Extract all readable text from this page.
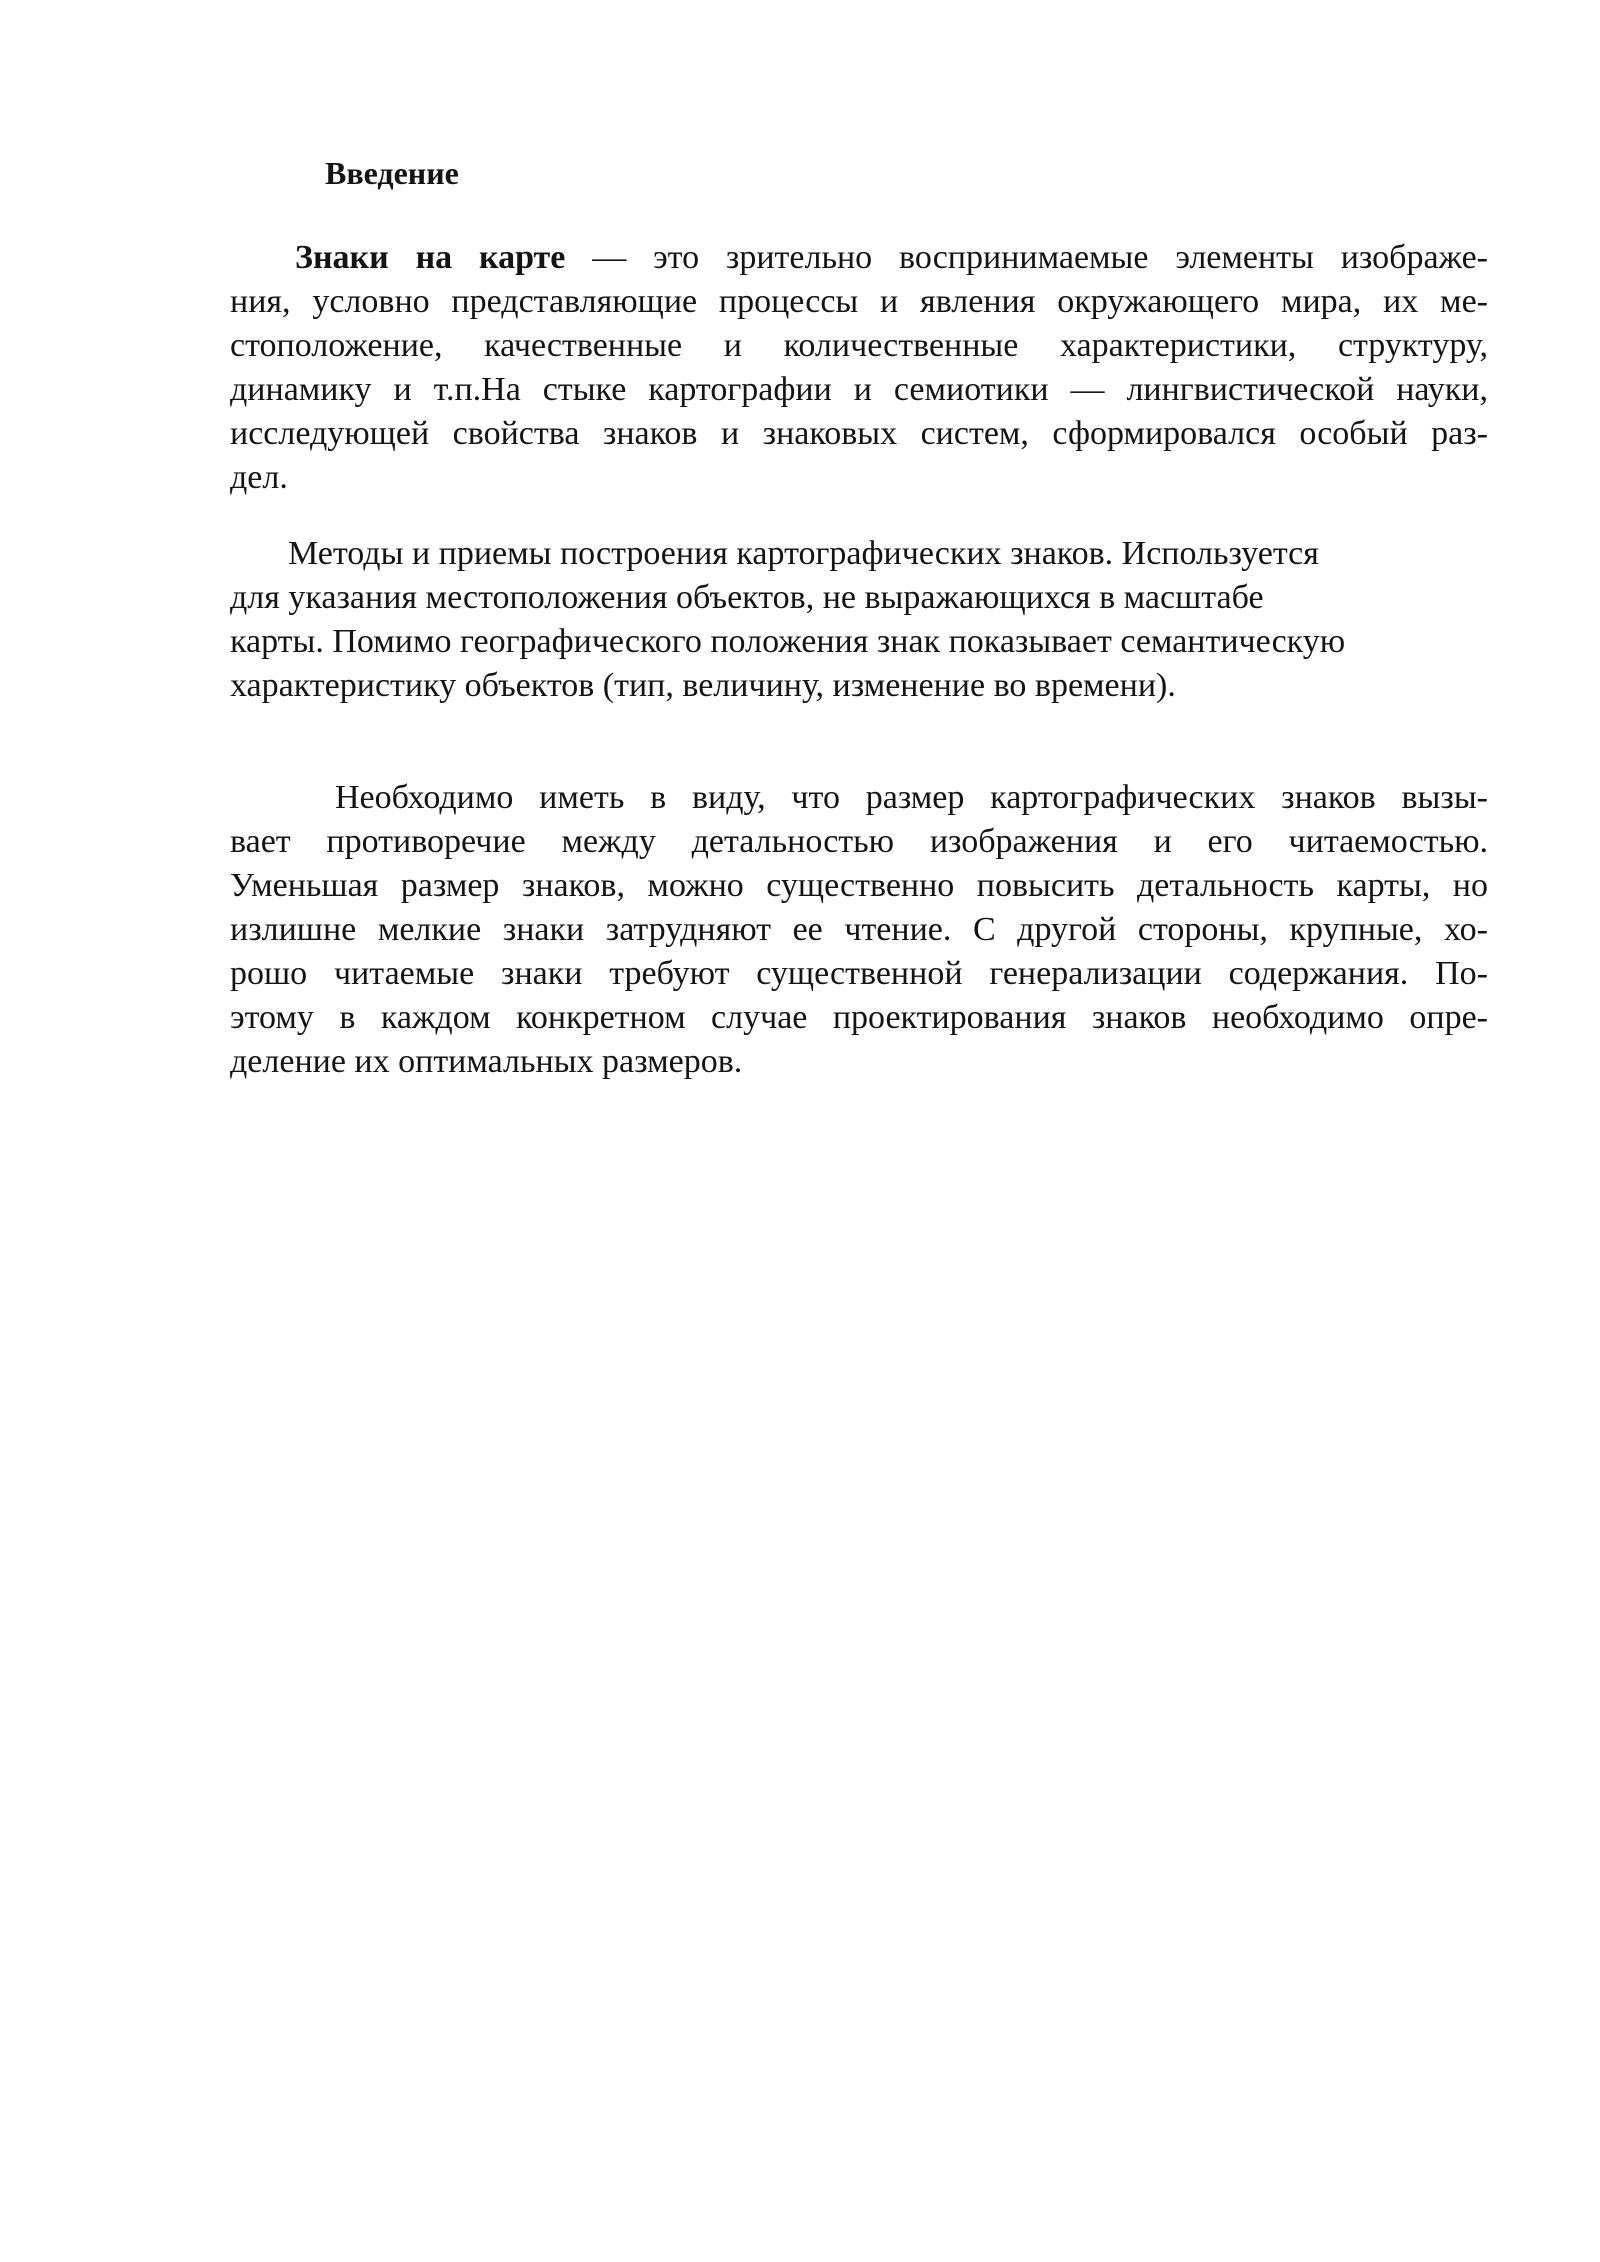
Введение
Знаки на карте — это зрительно воспринимаемые элементы изображе-
ния, условно представляющие процессы и явления окружающего мира, их ме-
стоположение, качественные и количественные характеристики, структуру,
динамику и т.п.На стыке картографии и семиотики — лингвистической науки,
исследующей свойства знаков и знаковых систем, сформировался особый раз-
дел.
Методы и приемы построения картографических знаков. Используется
для указания местоположения объектов, не выражающихся в масштабе
карты. Помимо географического положения знак показывает семантическую
характеристику объектов (тип, величину, изменение во времени).
Необходимо иметь в виду, что размер картографических знаков вызы-
вает противоречие между детальностью изображения и его читаемостью.
Уменьшая размер знаков, можно существенно повысить детальность карты, но
излишне мелкие знаки затрудняют ее чтение. С другой стороны, крупные, хо-
рошо читаемые знаки требуют существенной генерализации содержания. По-
этому в каждом конкретном случае проектирования знаков необходимо опре-
деление их оптимальных размеров.
